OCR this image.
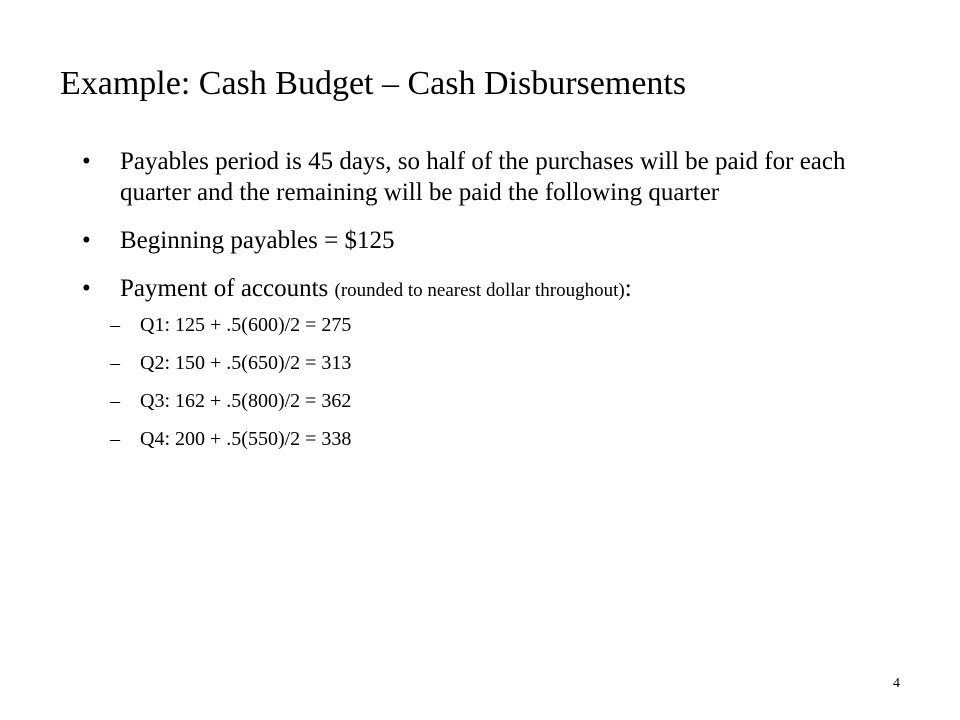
Example: Cash Budget – Cash Disbursements
• Payables period is 45 days, so half of the purchases will be paid for each quarter and the remaining will be paid the following quarter
• Beginning payables = $125
• Payment of accounts (rounded to nearest dollar throughout):
– Q1: 125 + .5(600)/2 = 275
– Q2: 150 + .5(650)/2 = 313
– Q3: 162 + .5(800)/2 = 362
– Q4: 200 + .5(550)/2 = 338
4
